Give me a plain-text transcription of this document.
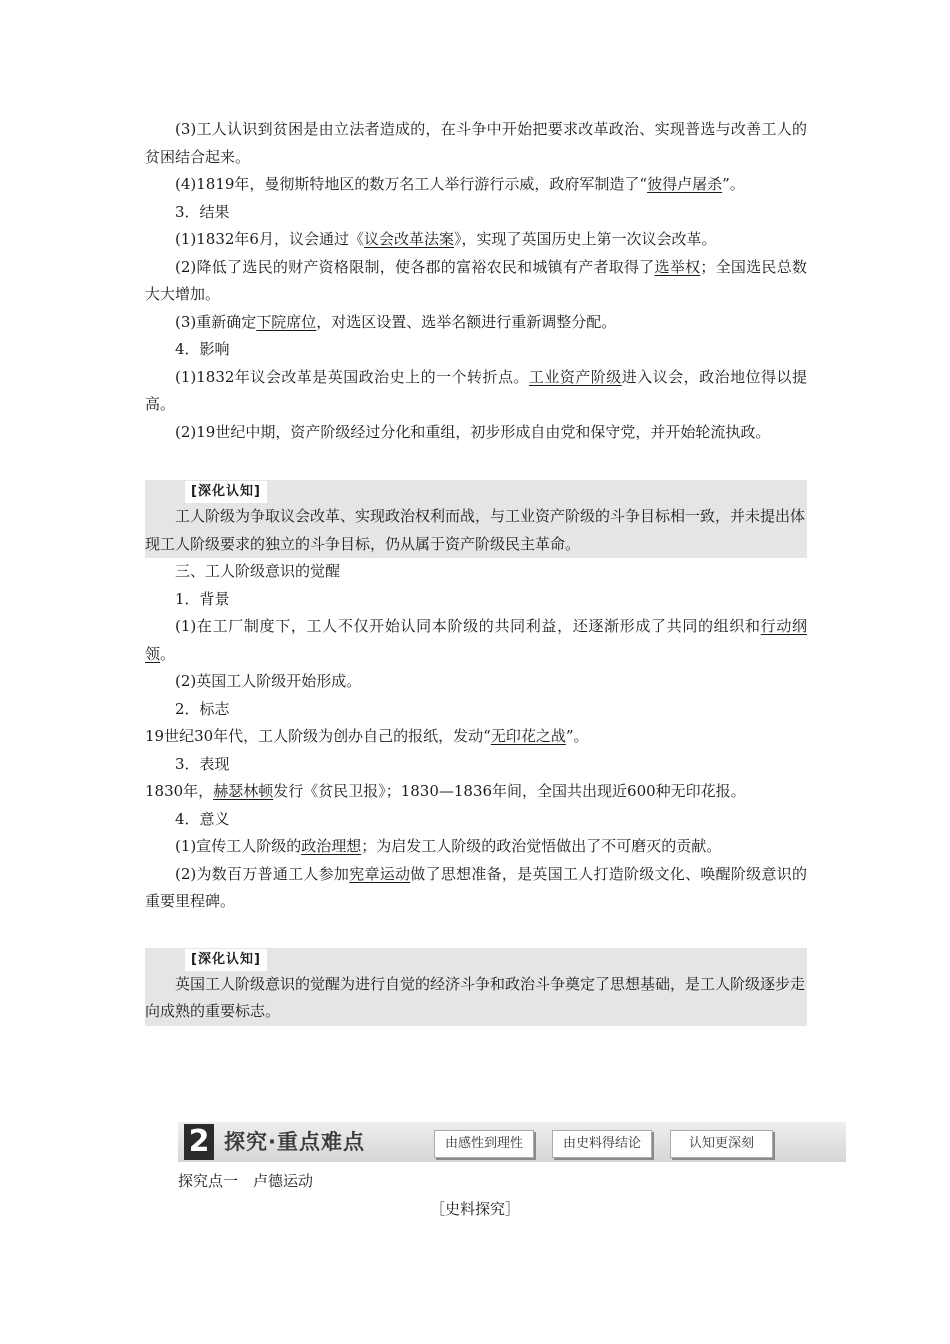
(3)工人认识到贫困是由立法者造成的，在斗争中开始把要求改革政治、实现普选与改善工人的贫困结合起来。

(4)1819年，曼彻斯特地区的数万名工人举行游行示威，政府军制造了“彼得卢屠杀”。

3．结果

(1)1832年6月，议会通过《议会改革法案》，实现了英国历史上第一次议会改革。

(2)降低了选民的财产资格限制，使各郡的富裕农民和城镇有产者取得了选举权；全国选民总数大大增加。

(3)重新确定下院席位，对选区设置、选举名额进行重新调整分配。

4．影响

(1)1832年议会改革是英国政治史上的一个转折点。工业资产阶级进入议会，政治地位得以提高。

(2)19世纪中期，资产阶级经过分化和重组，初步形成自由党和保守党，并开始轮流执政。

[深化认知]

工人阶级为争取议会改革、实现政治权利而战，与工业资产阶级的斗争目标相一致，并未提出体现工人阶级要求的独立的斗争目标，仍从属于资产阶级民主革命。

三、工人阶级意识的觉醒

1．背景

(1)在工厂制度下，工人不仅开始认同本阶级的共同利益，还逐渐形成了共同的组织和行动纲领。

(2)英国工人阶级开始形成。

2．标志

19世纪30年代，工人阶级为创办自己的报纸，发动“无印花之战”。

3．表现

1830年，赫瑟林顿发行《贫民卫报》；1830—1836年间，全国共出现近600种无印花报。

4．意义

(1)宣传工人阶级的政治理想；为启发工人阶级的政治觉悟做出了不可磨灭的贡献。

(2)为数百万普通工人参加宪章运动做了思想准备，是英国工人打造阶级文化、唤醒阶级意识的重要里程碑。

[深化认知]

英国工人阶级意识的觉醒为进行自觉的经济斗争和政治斗争奠定了思想基础，是工人阶级逐步走向成熟的重要标志。

2 探究·重点难点	由感性到理性	由史料得结论	认知更深刻
探究点一　卢德运动
［史料探究］
